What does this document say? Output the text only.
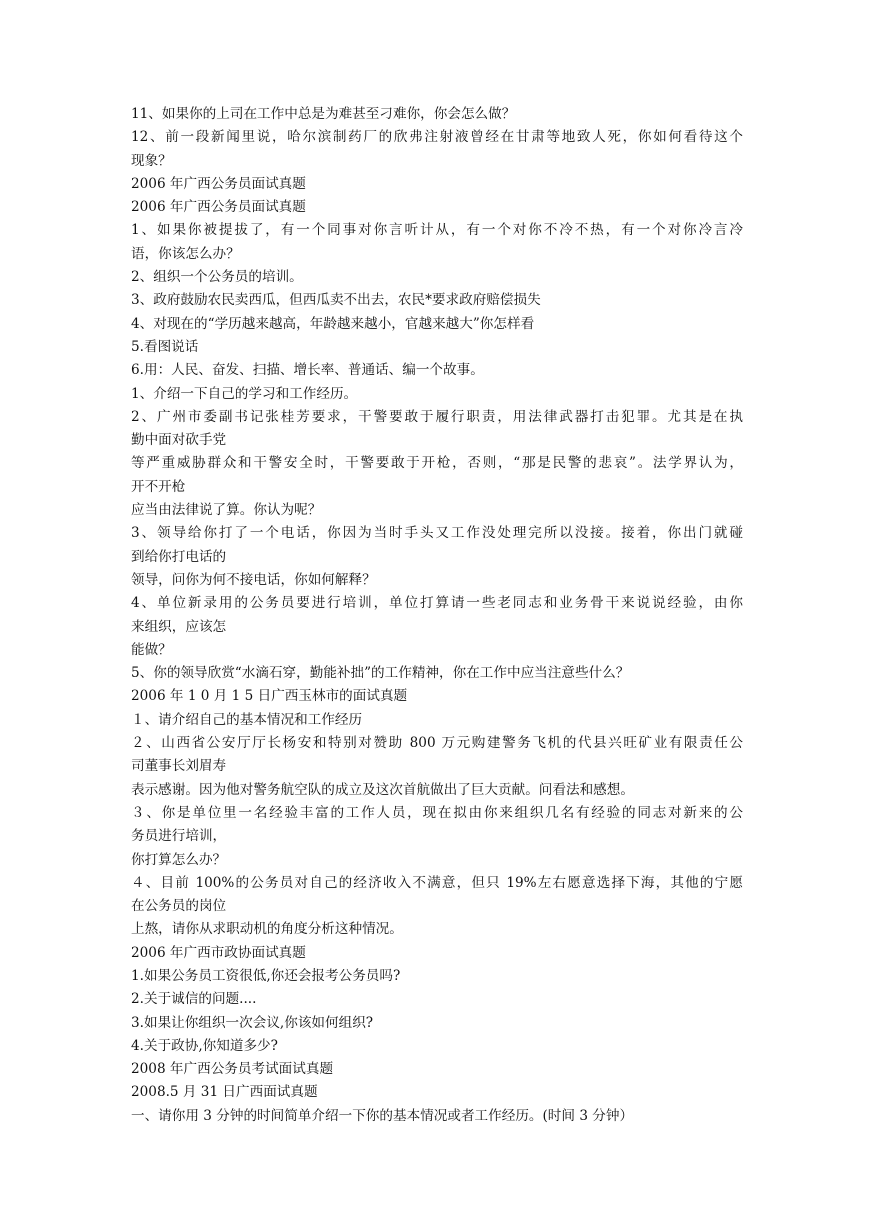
11、如果你的上司在工作中总是为难甚至刁难你，你会怎么做？
12、前一段新闻里说，哈尔滨制药厂的欣弗注射液曾经在甘肃等地致人死，你如何看待这个
现象？
2006 年广西公务员面试真题
2006 年广西公务员面试真题
1、如果你被提拔了，有一个同事对你言听计从，有一个对你不冷不热，有一个对你冷言冷
语，你该怎么办？
2、组织一个公务员的培训。
3、政府鼓励农民卖西瓜，但西瓜卖不出去，农民*要求政府赔偿损失
4、对现在的“学历越来越高，年龄越来越小，官越来越大”你怎样看
5.看图说话
6.用：人民、奋发、扫描、增长率、普通话、编一个故事。
1、介绍一下自己的学习和工作经历。
2、广州市委副书记张桂芳要求，干警要敢于履行职责，用法律武器打击犯罪。尤其是在执
勤中面对砍手党
等严重威胁群众和干警安全时，干警要敢于开枪，否则，“那是民警的悲哀”。法学界认为，
开不开枪
应当由法律说了算。你认为呢？
3、领导给你打了一个电话，你因为当时手头又工作没处理完所以没接。接着，你出门就碰
到给你打电话的
领导，问你为何不接电话，你如何解释？
4、单位新录用的公务员要进行培训，单位打算请一些老同志和业务骨干来说说经验，由你
来组织，应该怎
能做？
5、你的领导欣赏“水滴石穿，勤能补拙”的工作精神，你在工作中应当注意些什么？
2006 年 1 0 月 1 5 日广西玉林市的面试真题
１、请介绍自己的基本情况和工作经历
２、山西省公安厅厅长杨安和特别对赞助 800 万元购建警务飞机的代县兴旺矿业有限责任公
司董事长刘眉寿
表示感谢。因为他对警务航空队的成立及这次首航做出了巨大贡献。问看法和感想。
３、你是单位里一名经验丰富的工作人员，现在拟由你来组织几名有经验的同志对新来的公
务员进行培训，
你打算怎么办？
４、目前 100%的公务员对自己的经济收入不满意，但只 19%左右愿意选择下海，其他的宁愿
在公务员的岗位
上熬，请你从求职动机的角度分析这种情况。
2006 年广西市政协面试真题
1.如果公务员工资很低,你还会报考公务员吗?
2.关于诚信的问题....
3.如果让你组织一次会议,你该如何组织?
4.关于政协,你知道多少?
2008 年广西公务员考试面试真题
2008.5 月 31 日广西面试真题
一、请你用 3 分钟的时间简单介绍一下你的基本情况或者工作经历。(时间 3 分钟）
